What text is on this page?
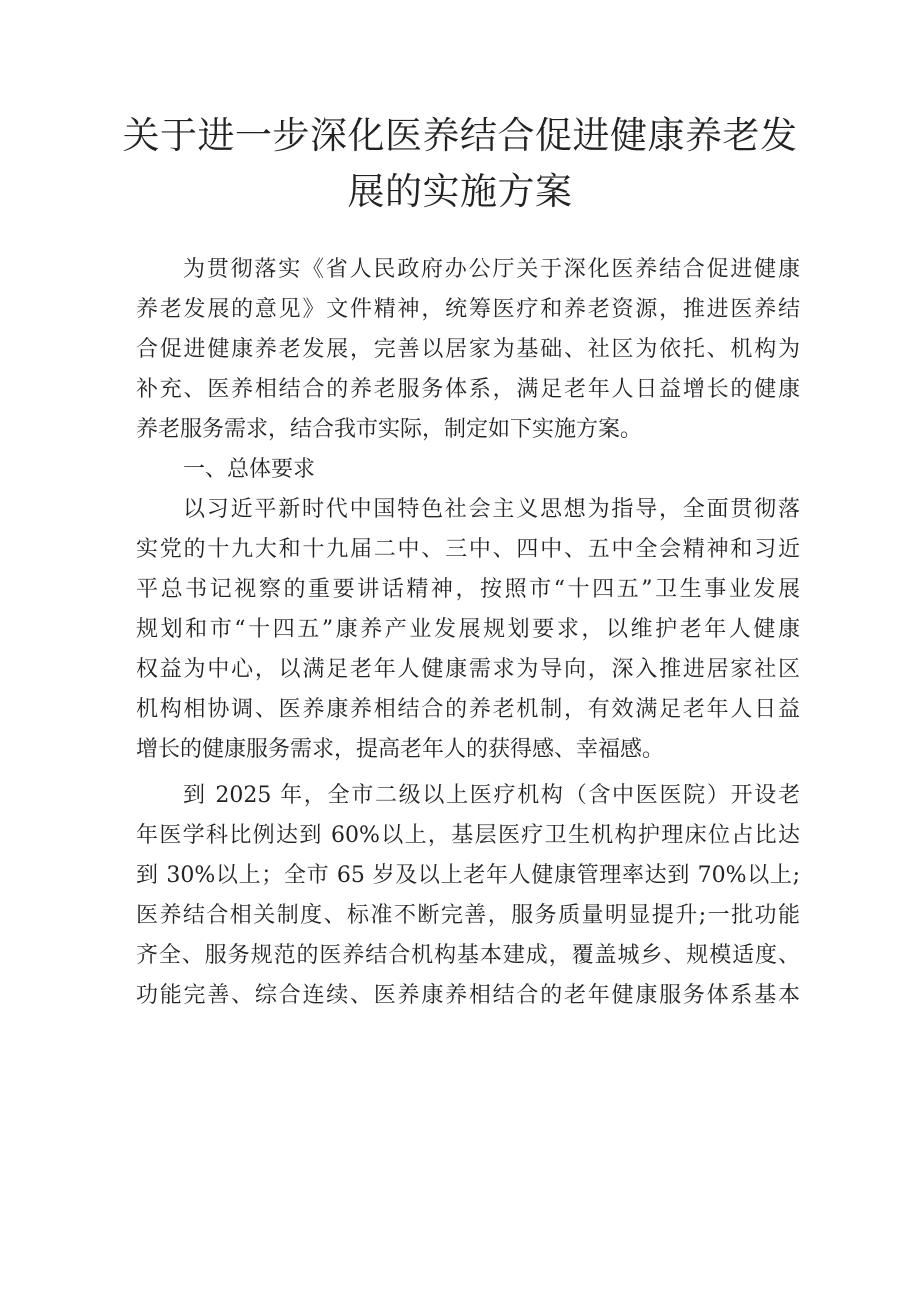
关于进一步深化医养结合促进健康养老发
展的实施方案
为贯彻落实《省人民政府办公厅关于深化医养结合促进健康
养老发展的意见》文件精神，统筹医疗和养老资源，推进医养结
合促进健康养老发展，完善以居家为基础、社区为依托、机构为
补充、医养相结合的养老服务体系，满足老年人日益增长的健康
养老服务需求，结合我市实际，制定如下实施方案。
一、总体要求
以习近平新时代中国特色社会主义思想为指导，全面贯彻落
实党的十九大和十九届二中、三中、四中、五中全会精神和习近
平总书记视察的重要讲话精神，按照市“十四五”卫生事业发展
规划和市“十四五”康养产业发展规划要求，以维护老年人健康
权益为中心，以满足老年人健康需求为导向，深入推进居家社区
机构相协调、医养康养相结合的养老机制，有效满足老年人日益
增长的健康服务需求，提高老年人的获得感、幸福感。
到 2025 年，全市二级以上医疗机构（含中医医院）开设老
年医学科比例达到 60%以上，基层医疗卫生机构护理床位占比达
到 30%以上；全市 65 岁及以上老年人健康管理率达到 70%以上;
医养结合相关制度、标准不断完善，服务质量明显提升;一批功能
齐全、服务规范的医养结合机构基本建成，覆盖城乡、规模适度、
功能完善、综合连续、医养康养相结合的老年健康服务体系基本
